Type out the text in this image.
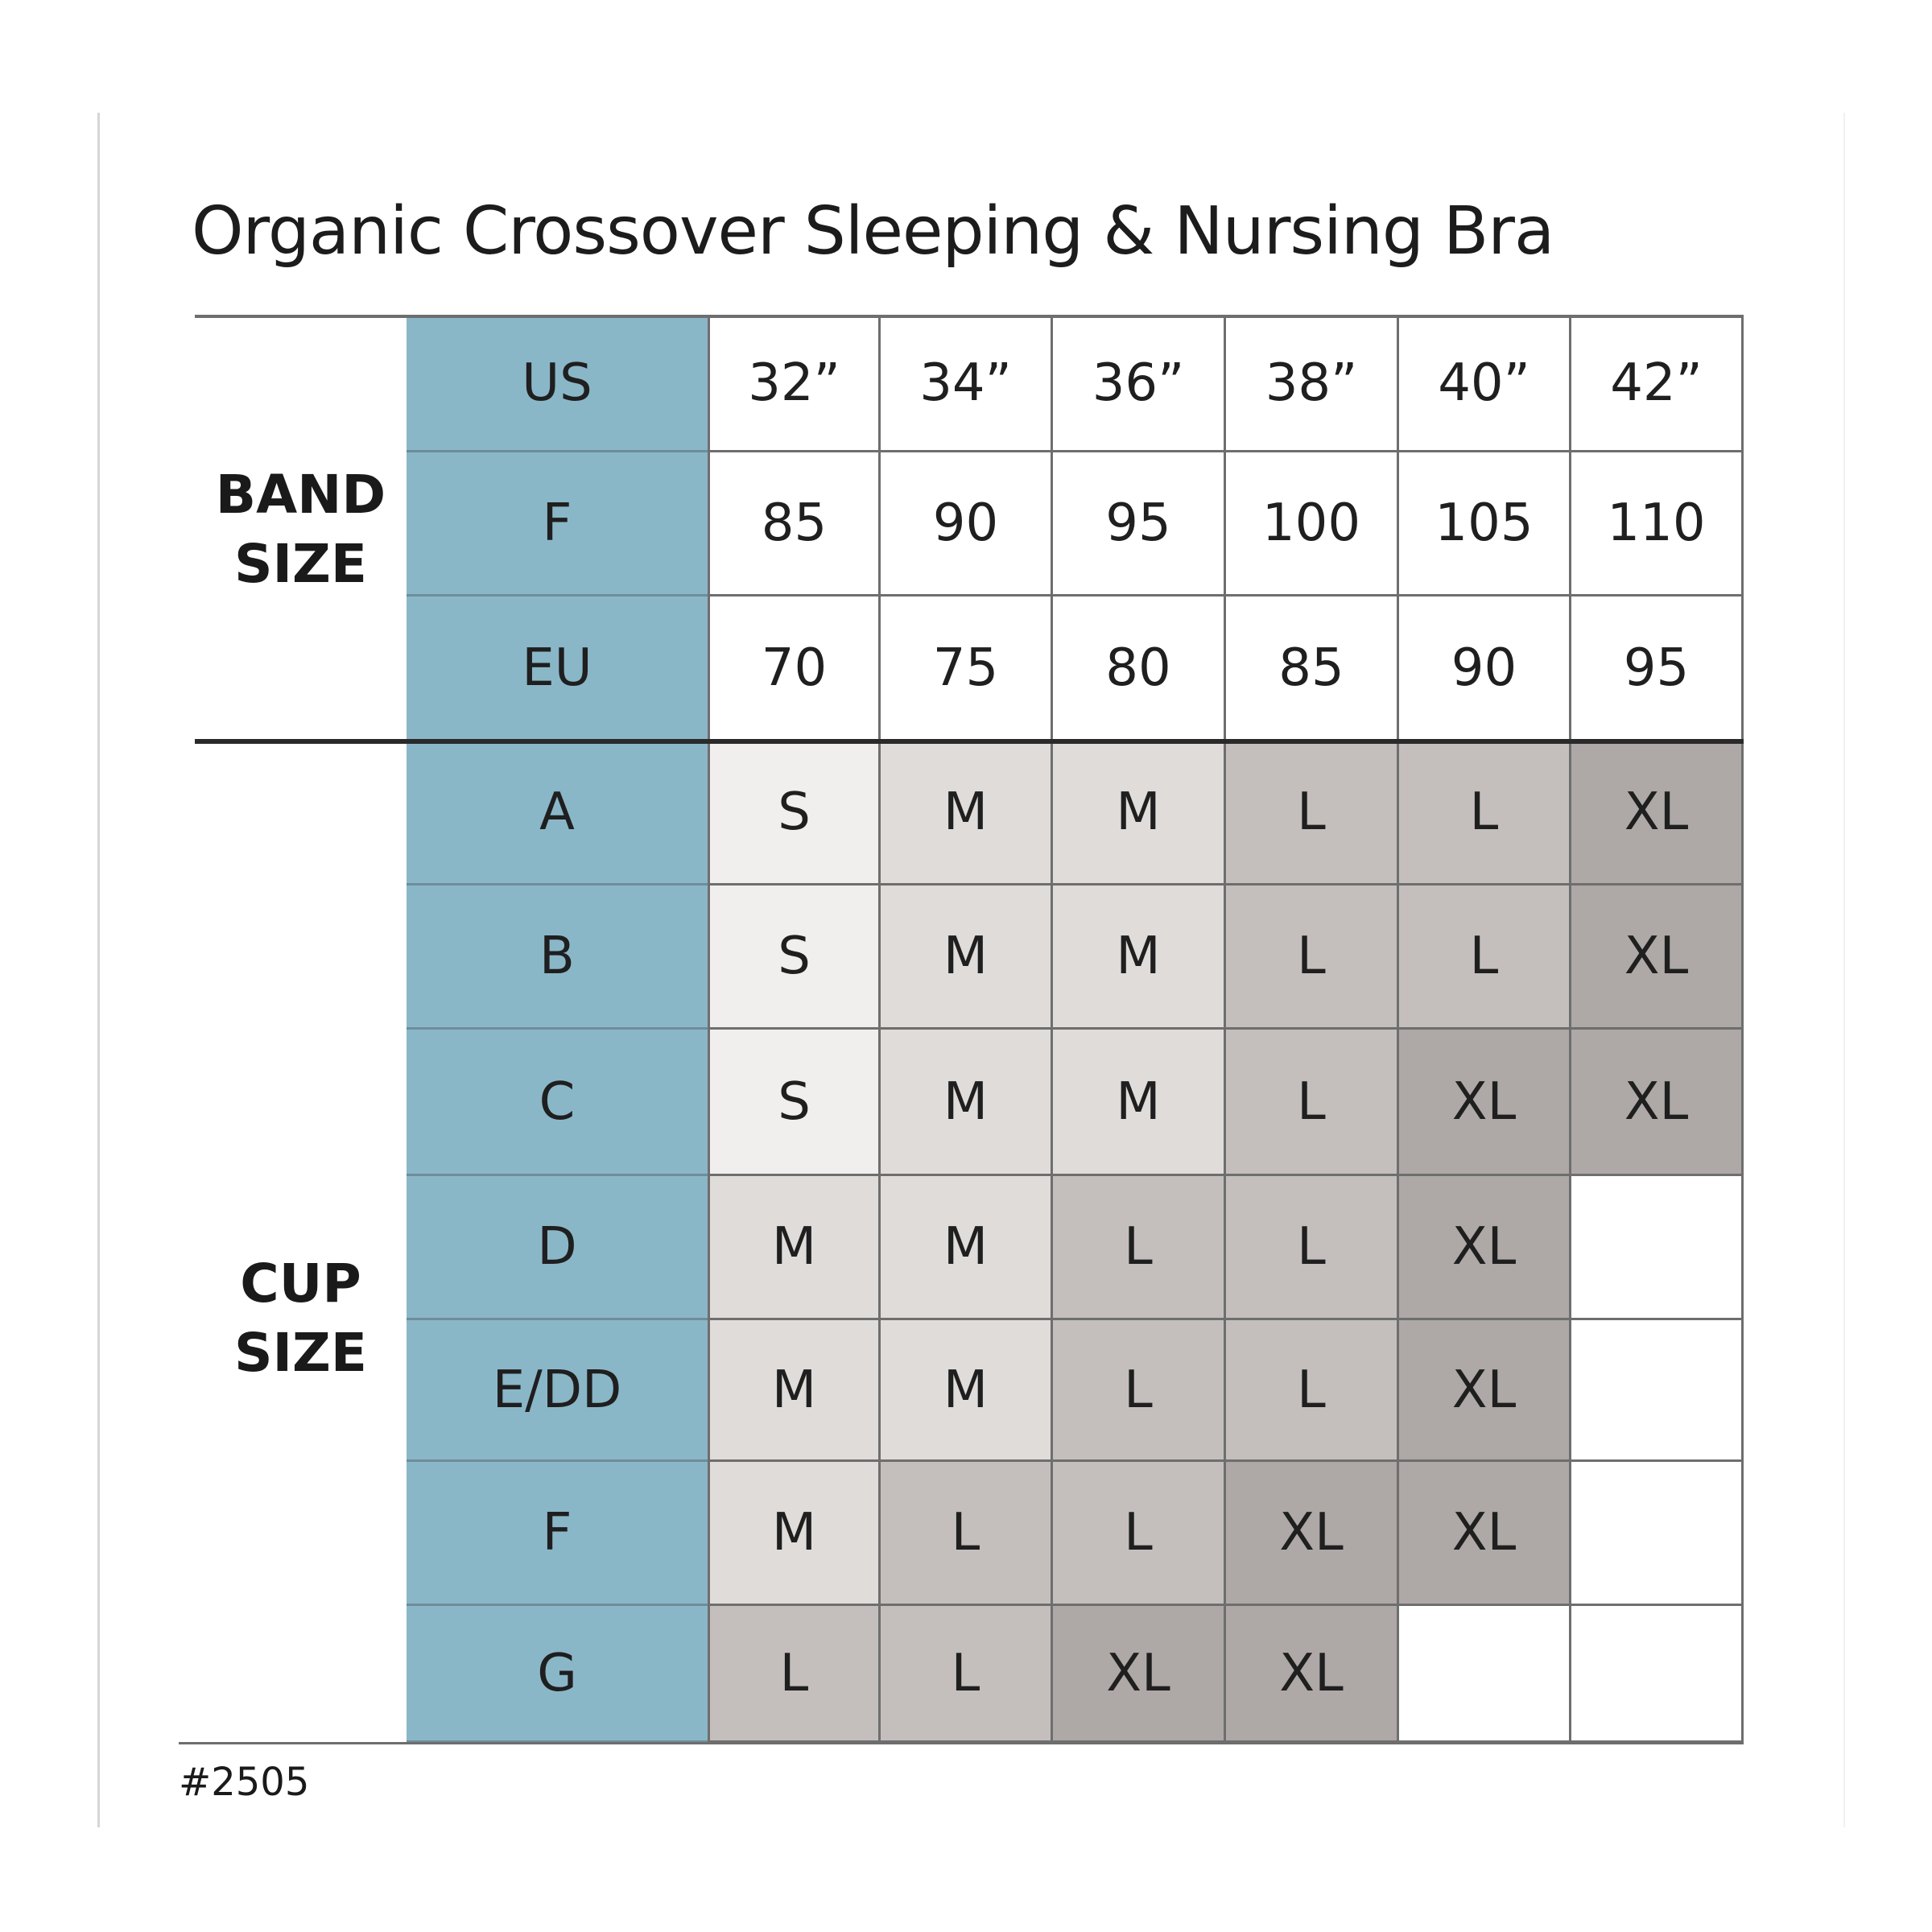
Organic Crossover Sleeping & Nursing Bra
US	32”	34”	36”	38”	40”	42”
F	85	90	95	100	105	110
EU	70	75	80	85	90	95
A	S	M	M	L	L	XL
B	S	M	M	L	L	XL
C	S	M	M	L	XL	XL
D	M	M	L	L	XL
E/DD	M	M	L	L	XL
F	M	L	L	XL	XL
G	L	L	XL	XL
BAND
SIZE
CUP
SIZE
#2505
